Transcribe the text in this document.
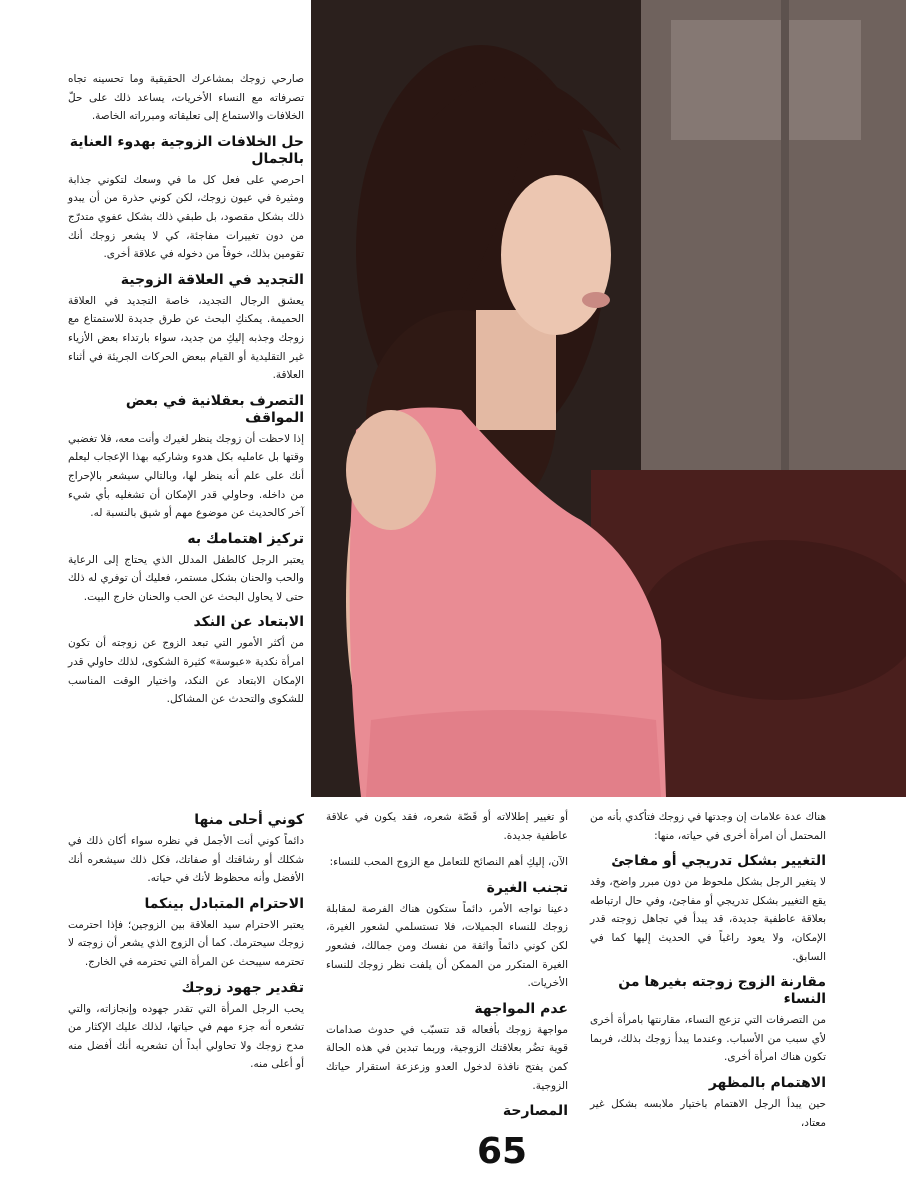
صارحي زوجك بمشاعرك الحقيقية وما تحسينه تجاه تصرفاته مع النساء الأخريات، يساعد ذلك على حلّ الخلافات والاستماع إلى تعليقاته ومبرراته الخاصة.

حل الخلافات الزوجية بهدوء العناية بالجمال

احرصي على فعل كل ما في وسعك لتكوني جذابة ومثيرة في عيون زوجك، لكن كوني حذرة من أن يبدو ذلك بشكل مقصود، بل طبقي ذلك بشكل عفوي متدرّج من دون تغييرات مفاجئة، كي لا يشعر زوجك أنك تقومين بذلك، خوفاً من دخوله في علاقة أخرى.

التجديد في العلاقة الزوجية

يعشق الرجال التجديد، خاصة التجديد في العلاقة الحميمة. يمكنكِ البحث عن طرق جديدة للاستمتاع مع زوجك وجذبه إليكِ من جديد، سواء بارتداء بعض الأزياء غير التقليدية أو القيام ببعض الحركات الجريئة في أثناء العلاقة.

التصرف بعقلانية في بعض المواقف

إذا لاحظت أن زوجك ينظر لغيرك وأنت معه، فلا تغضبي وقتها بل عامليه بكل هدوء وشاركيه بهذا الإعجاب ليعلم أنك على علم أنه ينظر لها، وبالتالي سيشعر بالإحراج من داخله. وحاولي قدر الإمكان أن تشغليه بأي شيء آخر كالحديث عن موضوع مهم أو شيق بالنسبة له.

تركيز اهتمامك به

يعتبر الرجل كالطفل المدلل الذي يحتاج إلى الرعاية والحب والحنان بشكل مستمر، فعليك أن توفري له ذلك حتى لا يحاول البحث عن الحب والحنان خارج البيت.

الابتعاد عن النكد

من أكثر الأمور التي تبعد الزوج عن زوجته أن تكون امرأة نكدية «عبوسة» كثيرة الشكوى، لذلك حاولي قدر الإمكان الابتعاد عن النكد، واختيار الوقت المناسب للشكوى والتحدث عن المشاكل.

كوني أحلى منها

دائماً كوني أنت الأجمل في نظره سواء أكان ذلك في شكلك أو رشاقتك أو صفاتك، فكل ذلك سيشعره أنك الأفضل وأنه محظوظ لأنك في حياته.

الاحترام المتبادل بينكما

يعتبر الاحترام سيد العلاقة بين الزوجين؛ فإذا احترمت زوجك سيحترمك. كما أن الزوج الذي يشعر أن زوجته لا تحترمه سيبحث عن المرأة التي تحترمه في الخارج.

تقدير جهود زوجك

يحب الرجل المرأة التي تقدر جهوده وإنجازاته، والتي تشعره أنه جزء مهم في حياتها، لذلك عليك الإكثار من مدح زوجك ولا تحاولي أبداً أن تشعريه أنك أفضل منه أو أعلى منه.

أو تغيير إطلالاته أو قَصّة شعره، فقد يكون في علاقة عاطفية جديدة.

الآن، إليكِ أهم النصائح للتعامل مع الزوج المحب للنساء:

تجنب الغيرة

دعينا نواجه الأمر، دائماً ستكون هناك الفرصة لمقابلة زوجك للنساء الجميلات، فلا تستسلمي لشعور الغيرة، لكن كوني دائماً واثقة من نفسك ومن جمالك، فشعور الغيرة المتكرر من الممكن أن يلفت نظر زوجك للنساء الأخريات.

عدم المواجهة

مواجهة زوجك بأفعاله قد تتسبّب في حدوث صدامات قوية تضُر بعلاقتك الزوجية، وربما تبدين في هذه الحالة كمن يفتح نافذة لدخول العدو وزعزعة استقرار حياتك الزوجية.

المصارحة

هناك عدة علامات إن وجدتها في زوجك فتأكدي بأنه من المحتمل أن امرأة أخرى في حياته، منها:

التغيير بشكل تدريجي أو مفاجئ

لا يتغير الرجل بشكل ملحوظ من دون مبرر واضح، وقد يقع التغيير بشكل تدريجي أو مفاجئ، وفي حال ارتباطه بعلاقة عاطفية جديدة، قد يبدأ في تجاهل زوجته قدر الإمكان، ولا يعود راغباً في الحديث إليها كما في السابق.

مقارنة الزوج زوجته بغيرها من النساء

من التصرفات التي تزعج النساء، مقارنتها بامرأة أخرى لأي سبب من الأسباب. وعندما يبدأ زوجك بذلك، فربما تكون هناك امرأة أخرى.

الاهتمام بالمظهر

حين يبدأ الرجل الاهتمام باختيار ملابسه بشكل غير معتاد،

65
